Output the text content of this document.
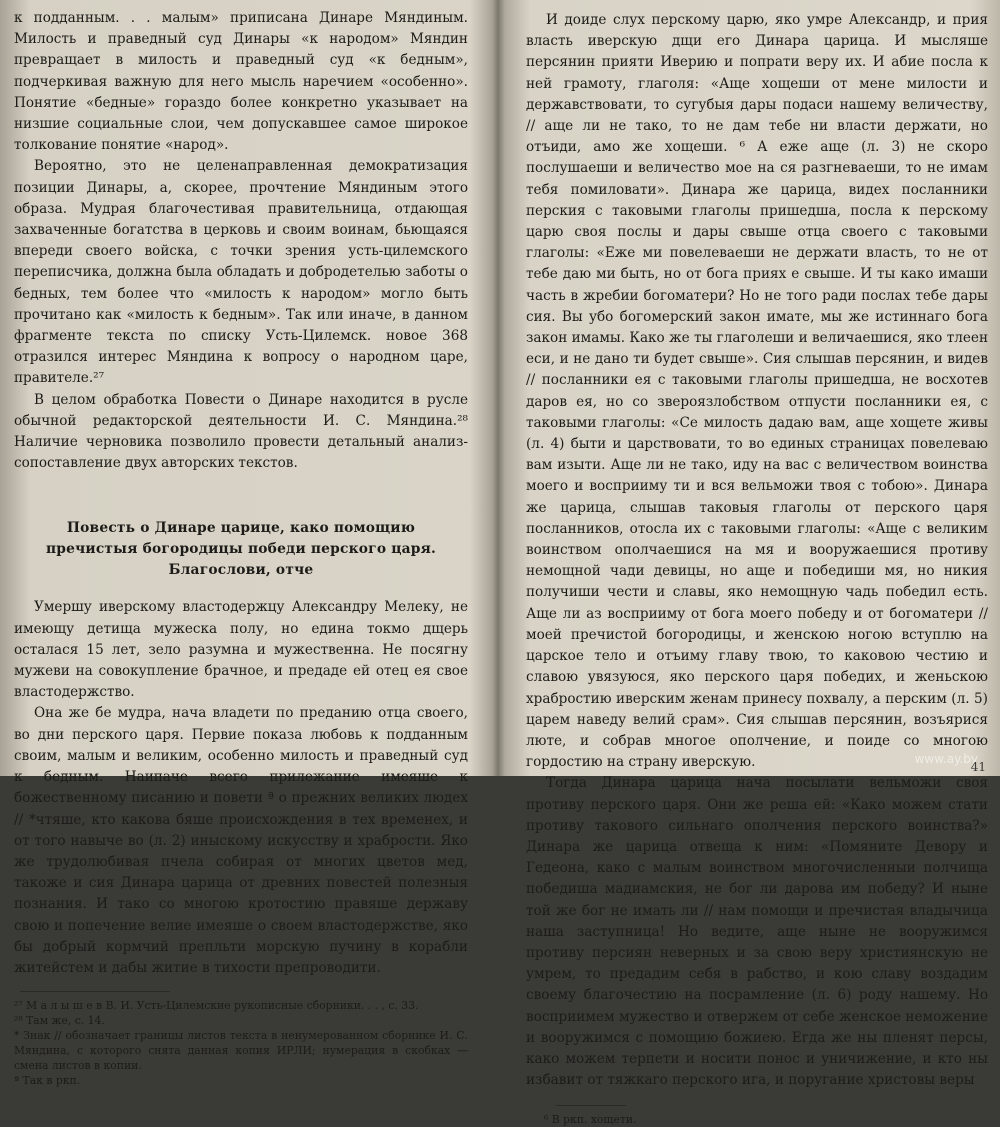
к подданным. . . малым» приписана Динаре Мяндиным. Милость и праведный суд Динары «к народом» Мяндин превращает в милость и праведный суд «к бедным», подчеркивая важную для него мысль наречием «особенно». Понятие «бедные» гораздо более конкретно указывает на низшие социальные слои, чем допускавшее самое широкое толкование понятие «народ».

Вероятно, это не целенаправленная демократизация позиции Динары, а, скорее, прочтение Мяндиным этого образа. Мудрая благочестивая правительница, отдающая захваченные богатства в церковь и своим воинам, бьющаяся впереди своего войска, с точки зрения усть-цилемского переписчика, должна была обладать и добродетелью заботы о бедных, тем более что «милость к народом» могло быть прочитано как «милость к бедным». Так или иначе, в данном фрагменте текста по списку Усть-Цилемск. новое 368 отразился интерес Мяндина к вопросу о народном царе, правителе.²⁷

В целом обработка Повести о Динаре находится в русле обычной редакторской деятельности И. С. Мяндина.²⁸ Наличие черновика позволило провести детальный анализ-сопоставление двух авторских текстов.

Повесть о Динаре царице, како помощию
пречистыя богородицы победи перского царя.
Благослови, отче

Умершу иверскому властодержцу Александру Мелеку, не имеющу детища мужеска полу, но едина токмо дщерь осталася 15 лет, зело разумна и мужественна. Не посягну мужеви на совокупление брачное, и предаде ей отец ея свое властодержство.

Она же бе мудра, нача владети по преданию отца своего, во дни перского царя. Первие показа любовь к подданным своим, малым и великим, особенно милость и праведный суд к бедным. Наипаче всего прилежание имеяше к божественному писанию и повети ª о прежних великих людех // *чтяше, кто какова бяше происхождения в тех временех, и от того навыче во (л. 2) иныскому искусству и храбрости. Яко же трудолюбивая пчела собирая от многих цветов мед, такоже и сия Динара царица от древних повестей полезныя познания. И тако со многою кротостию правяше державу свою и попечение велие имеяше о своем властодержстве, яко бы добрый кормчий препльти морскую пучину в корабли житейстем и дабы житие в тихости препроводити.

²⁷ М а л ы ш е в В. И. Усть-Цилемские рукописные сборники. . . , с. 33.

²⁸ Там же, с. 14.

* Знак // обозначает границы листов текста в ненумерованном сборнике И. С. Мяндина, с которого снята данная копия ИРЛИ; нумерация в скобках — смена листов в копии.

ª Так в ркп.

И доиде слух перскому царю, яко умре Александр, и прия власть иверскую дщи его Динара царица. И мысляше персянин прияти Иверию и попрати веру их. И абие посла к ней грамоту, глаголя: «Аще хощеши от мене милости и державствовати, то сугубыя дары подаси нашему величеству, // аще ли не тако, то не дам тебе ни власти держати, но отъиди, амо же хощеши. ⁶ А еже аще (л. 3) не скоро послушаеши и величество мое на ся разгневаеши, то не имам тебя помиловати». Динара же царица, видех посланники перския с таковыми глаголы пришедша, посла к перскому царю своя послы и дары свыше отца своего с таковыми глаголы: «Еже ми повелеваеши не держати власть, то не от тебе даю ми быть, но от бога приях е свыше. И ты како имаши часть в жребии богоматери? Но не того ради послах тебе дары сия. Вы убо богомерский закон имате, мы же истиннаго бога закон имамы. Како же ты глаголеши и величаешися, яко тлеен еси, и не дано ти будет свыше». Сия слышав персянин, и видев // посланники ея с таковыми глаголы пришедша, не восхотев даров ея, но со звероязлобством отпусти посланники ея, с таковыми глаголы: «Се милость дадаю вам, аще хощете живы (л. 4) быти и царствовати, то во единых страницах повелеваю вам изыти. Аще ли не тако, иду на вас с величеством воинства моего и восприиму ти и вся вельможи твоя с тобою». Динара же царица, слышав таковыя глаголы от перского царя посланников, отосла их с таковыми глаголы: «Аще с великим воинством ополчаешися на мя и вооружаешися противу немощной чади девицы, но аще и победиши мя, но никия получиши чести и славы, яко немощную чадь победил есть. Аще ли аз восприиму от бога моего победу и от богоматери // моей пречистой богородицы, и женскою ногою вступлю на царское тело и отъиму главу твою, то каковою честию и славою увязуюся, яко перского царя победих, и женьскою храбростию иверским женам принесу похвалу, а перским (л. 5) царем наведу велий срам». Сия слышав персянин, возъярися люте, и собрав многое ополчение, и поиде со многою гордостию на страну иверскую.

Тогда Динара царица нача посылати вельможи своя противу перского царя. Они же реша ей: «Како можем стати противу такового сильнаго ополчения перского воинства?» Динара же царица отвеща к ним: «Помяните Девору и Гедеона, како с малым воинством многочисленныи полчища победиша мадиамския, не бог ли дарова им победу? И ныне той же бог не имать ли // нам помощи и пречистая владычица наша заступница! Но ведите, аще ныне не вооружимся противу персиян неверных и за свою веру християнскую не умрем, то предадим себя в рабство, и кою славу воздадим своему благочестию на посрамление (л. 6) роду нашему. Но восприимем мужество и отвержем от себе женское неможение и вооружимся с помощию божиею. Егда же ны пленят персы, како можем терпети и носити понос и уничижение, и кто ны избавит от тяжкаго перского ига, и поругание христовы веры

⁶ В ркп. хощети.

www.ay.by
41
